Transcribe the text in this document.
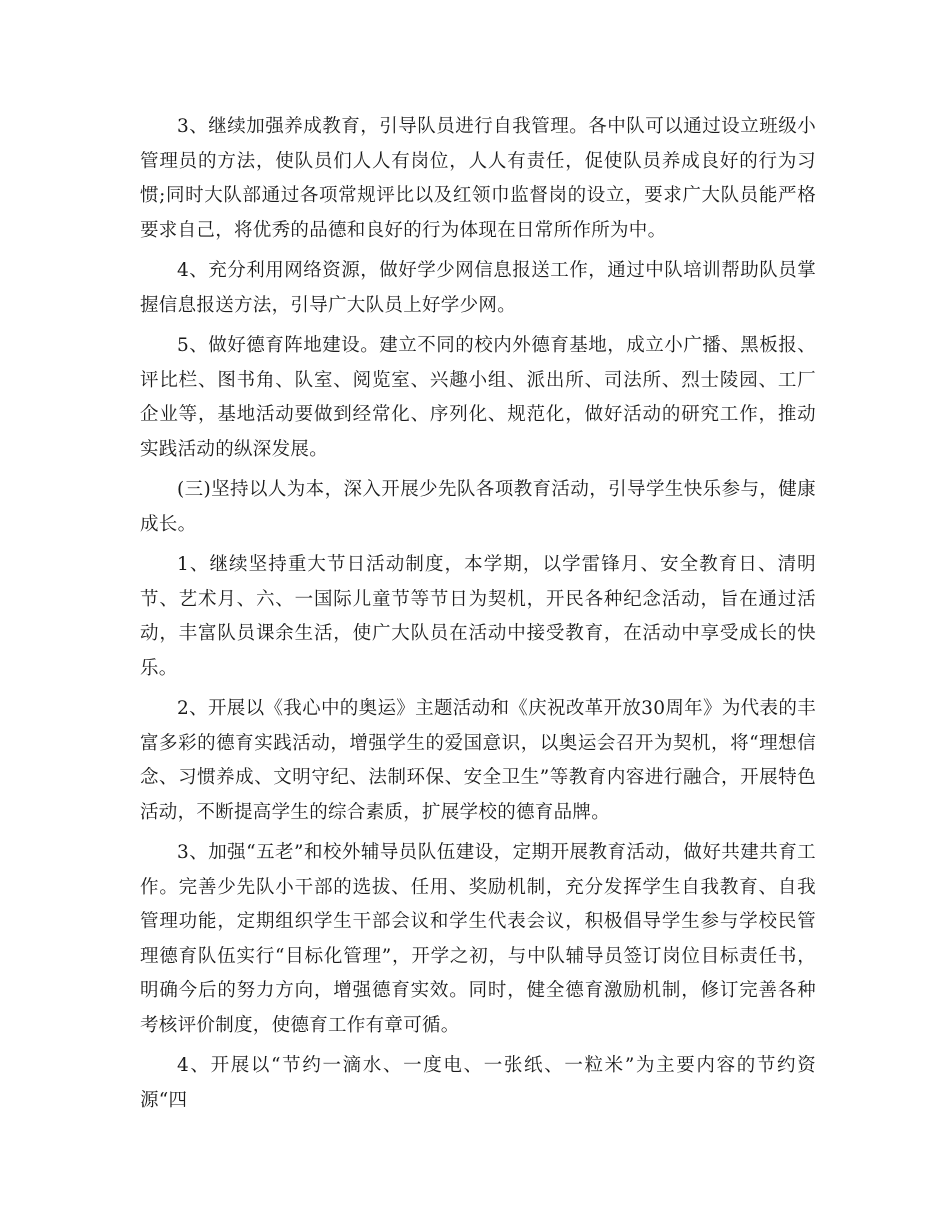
3、继续加强养成教育，引导队员进行自我管理。各中队可以通过设立班级小管理员的方法，使队员们人人有岗位，人人有责任，促使队员养成良好的行为习惯;同时大队部通过各项常规评比以及红领巾监督岗的设立，要求广大队员能严格要求自己，将优秀的品德和良好的行为体现在日常所作所为中。

4、充分利用网络资源，做好学少网信息报送工作，通过中队培训帮助队员掌握信息报送方法，引导广大队员上好学少网。

5、做好德育阵地建设。建立不同的校内外德育基地，成立小广播、黑板报、评比栏、图书角、队室、阅览室、兴趣小组、派出所、司法所、烈士陵园、工厂企业等，基地活动要做到经常化、序列化、规范化，做好活动的研究工作，推动实践活动的纵深发展。

(三)坚持以人为本，深入开展少先队各项教育活动，引导学生快乐参与，健康成长。

1、继续坚持重大节日活动制度，本学期，以学雷锋月、安全教育日、清明节、艺术月、六、一国际儿童节等节日为契机，开民各种纪念活动，旨在通过活动，丰富队员课余生活，使广大队员在活动中接受教育，在活动中享受成长的快乐。

2、开展以《我心中的奥运》主题活动和《庆祝改革开放30周年》为代表的丰富多彩的德育实践活动，增强学生的爱国意识，以奥运会召开为契机，将“理想信念、习惯养成、文明守纪、法制环保、安全卫生”等教育内容进行融合，开展特色活动，不断提高学生的综合素质，扩展学校的德育品牌。

3、加强“五老”和校外辅导员队伍建设，定期开展教育活动，做好共建共育工作。完善少先队小干部的选拔、任用、奖励机制，充分发挥学生自我教育、自我管理功能，定期组织学生干部会议和学生代表会议，积极倡导学生参与学校民管理德育队伍实行“目标化管理”，开学之初，与中队辅导员签订岗位目标责任书，明确今后的努力方向，增强德育实效。同时，健全德育激励机制，修订完善各种考核评价制度，使德育工作有章可循。

4、开展以“节约一滴水、一度电、一张纸、一粒米”为主要内容的节约资源“四
